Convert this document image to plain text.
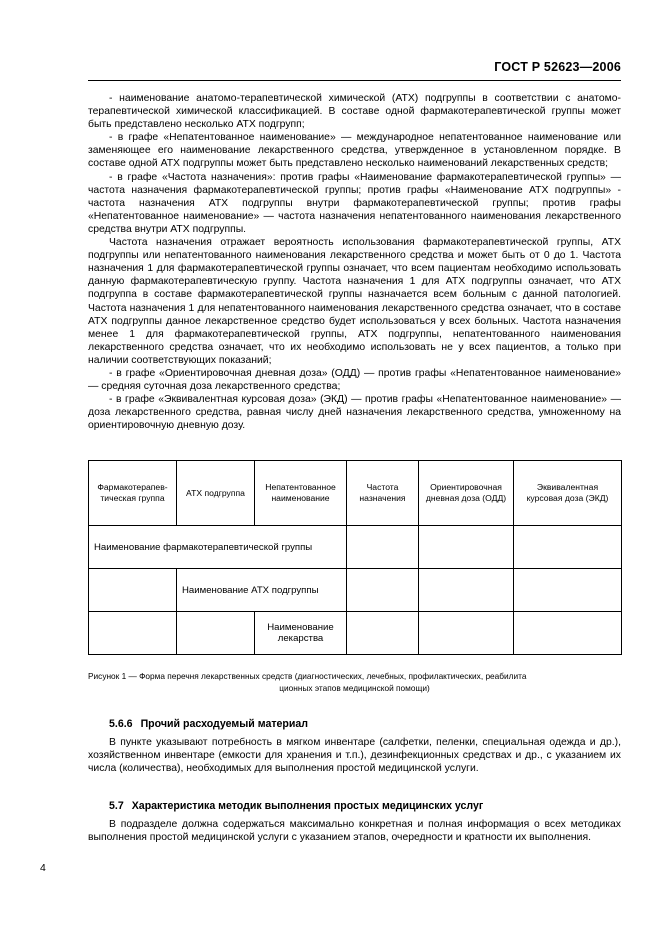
ГОСТ Р 52623—2006

- наименование анатомо-терапевтической химической (АТХ) подгруппы в соответствии с анатомо-терапевтической химической классификацией. В составе одной фармакотерапевтической группы может быть представлено несколько АТХ подгрупп;

- в графе «Непатентованное наименование» — международное непатентованное наименование или заменяющее его наименование лекарственного средства, утвержденное в установленном порядке. В составе одной АТХ подгруппы может быть представлено несколько наименований лекарственных средств;

- в графе «Частота назначения»: против графы «Наименование фармакотерапевтической группы» — частота назначения фармакотерапевтической группы; против графы «Наименование АТХ подгруппы» - частота назначения АТХ подгруппы внутри фармакотерапевтической группы; против графы «Непатентованное наименование» — частота назначения непатентованного наименования лекарственного средства внутри АТХ подгруппы.

Частота назначения отражает вероятность использования фармакотерапевтической группы, АТХ подгруппы или непатентованного наименования лекарственного средства и может быть от 0 до 1. Частота назначения 1 для фармакотерапевтической группы означает, что всем пациентам необходимо использовать данную фармакотерапевтическую группу. Частота назначения 1 для АТХ подгруппы означает, что АТХ подгруппа в составе фармакотерапевтической группы назначается всем больным с данной патологией. Частота назначения 1 для непатентованного наименования лекарственного средства означает, что в составе АТХ подгруппы данное лекарственное средство будет использоваться у всех больных. Частота назначения менее 1 для фармакотерапевтической группы, АТХ подгруппы, непатентованного наименования лекарственного средства означает, что их необходимо использовать не у всех пациентов, а только при наличии соответствующих показаний;

- в графе «Ориентировочная дневная доза» (ОДД) — против графы «Непатентованное наименование» — средняя суточная доза лекарственного средства;

- в графе «Эквивалентная курсовая доза» (ЭКД) — против графы «Непатентованное наименование» — доза лекарственного средства, равная числу дней назначения лекарственного средства, умноженному на ориентировочную дневную дозу.

Фармакотерапевтическая группа	АТХ подгруппа	Непатентованное наименование	Частота назначения	Ориентировочная дневная доза (ОДД)	Эквивалентная курсовая доза (ЭКД)
Наименование фармакотерапевтической группы					
	Наименование АТХ подгруппы				
		Наименование лекарства			
Рисунок 1 — Форма перечня лекарственных средств (диагностических, лечебных, профилактических, реабилита
ционных этапов медицинской помощи)
5.6.6 Прочий расходуемый материал

В пункте указывают потребность в мягком инвентаре (салфетки, пеленки, специальная одежда и др.), хозяйственном инвентаре (емкости для хранения и т.п.), дезинфекционных средствах и др., с указанием их числа (количества), необходимых для выполнения простой медицинской услуги.

5.7 Характеристика методик выполнения простых медицинских услуг

В подразделе должна содержаться максимально конкретная и полная информация о всех методиках выполнения простой медицинской услуги с указанием этапов, очередности и кратности их выполнения.

4
